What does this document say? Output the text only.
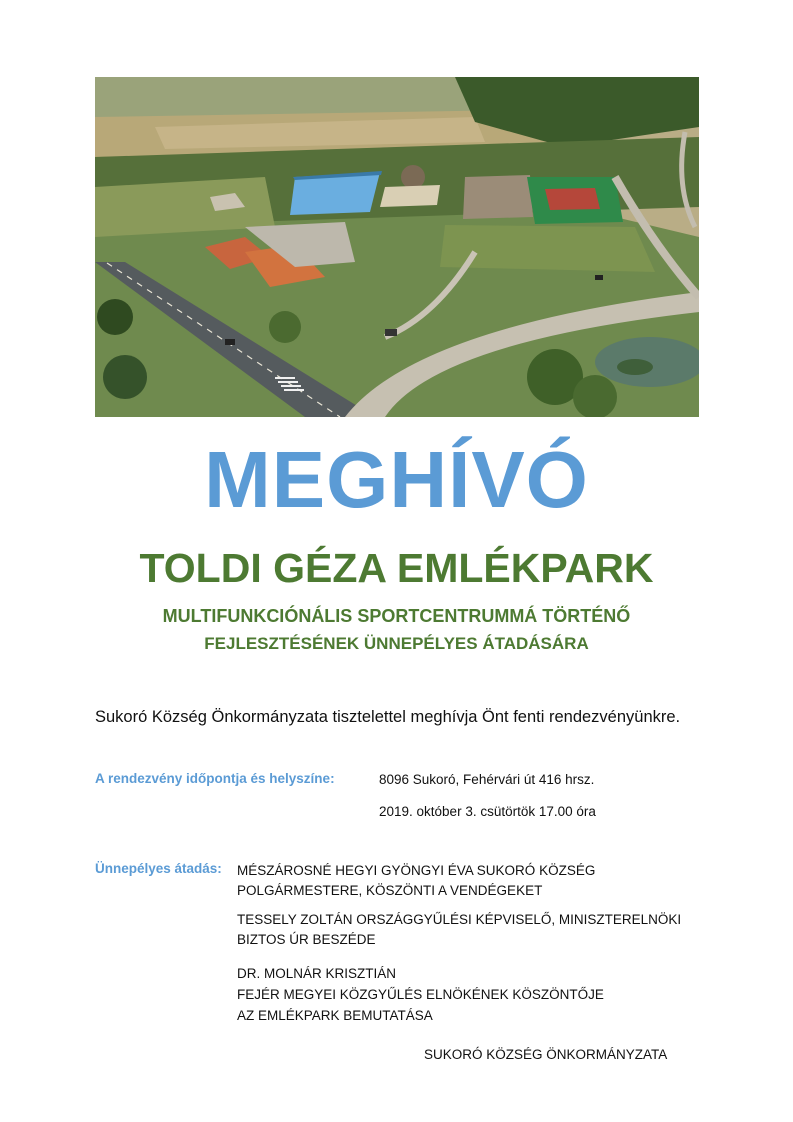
MEGHÍVÓ
TOLDI GÉZA EMLÉKPARK
MULTIFUNKCIÓNÁLIS SPORTCENTRUMMÁ TÖRTÉNŐ
FEJLESZTÉSÉNEK ÜNNEPÉLYES ÁTADÁSÁRA
Sukoró Község Önkormányzata tisztelettel meghívja Önt fenti rendezvényünkre.
A rendezvény időpontja és helyszíne:	8096 Sukoró, Fehérvári út 416 hrsz.
2019. október 3. csütörtök 17.00 óra
Ünnepélyes átadás: MÉSZÁROSNÉ HEGYI GYÖNGYI ÉVA SUKORÓ KÖZSÉG
POLGÁRMESTERE, KÖSZÖNTI A VENDÉGEKET
TESSELY ZOLTÁN ORSZÁGGYŰLÉSI KÉPVISELŐ, MINISZTERELNÖKI
BIZTOS ÚR BESZÉDE
DR. MOLNÁR KRISZTIÁN
FEJÉR MEGYEI KÖZGYŰLÉS ELNÖKÉNEK KÖSZÖNTŐJE
AZ EMLÉKPARK BEMUTATÁSA
SUKORÓ KÖZSÉG ÖNKORMÁNYZATA
